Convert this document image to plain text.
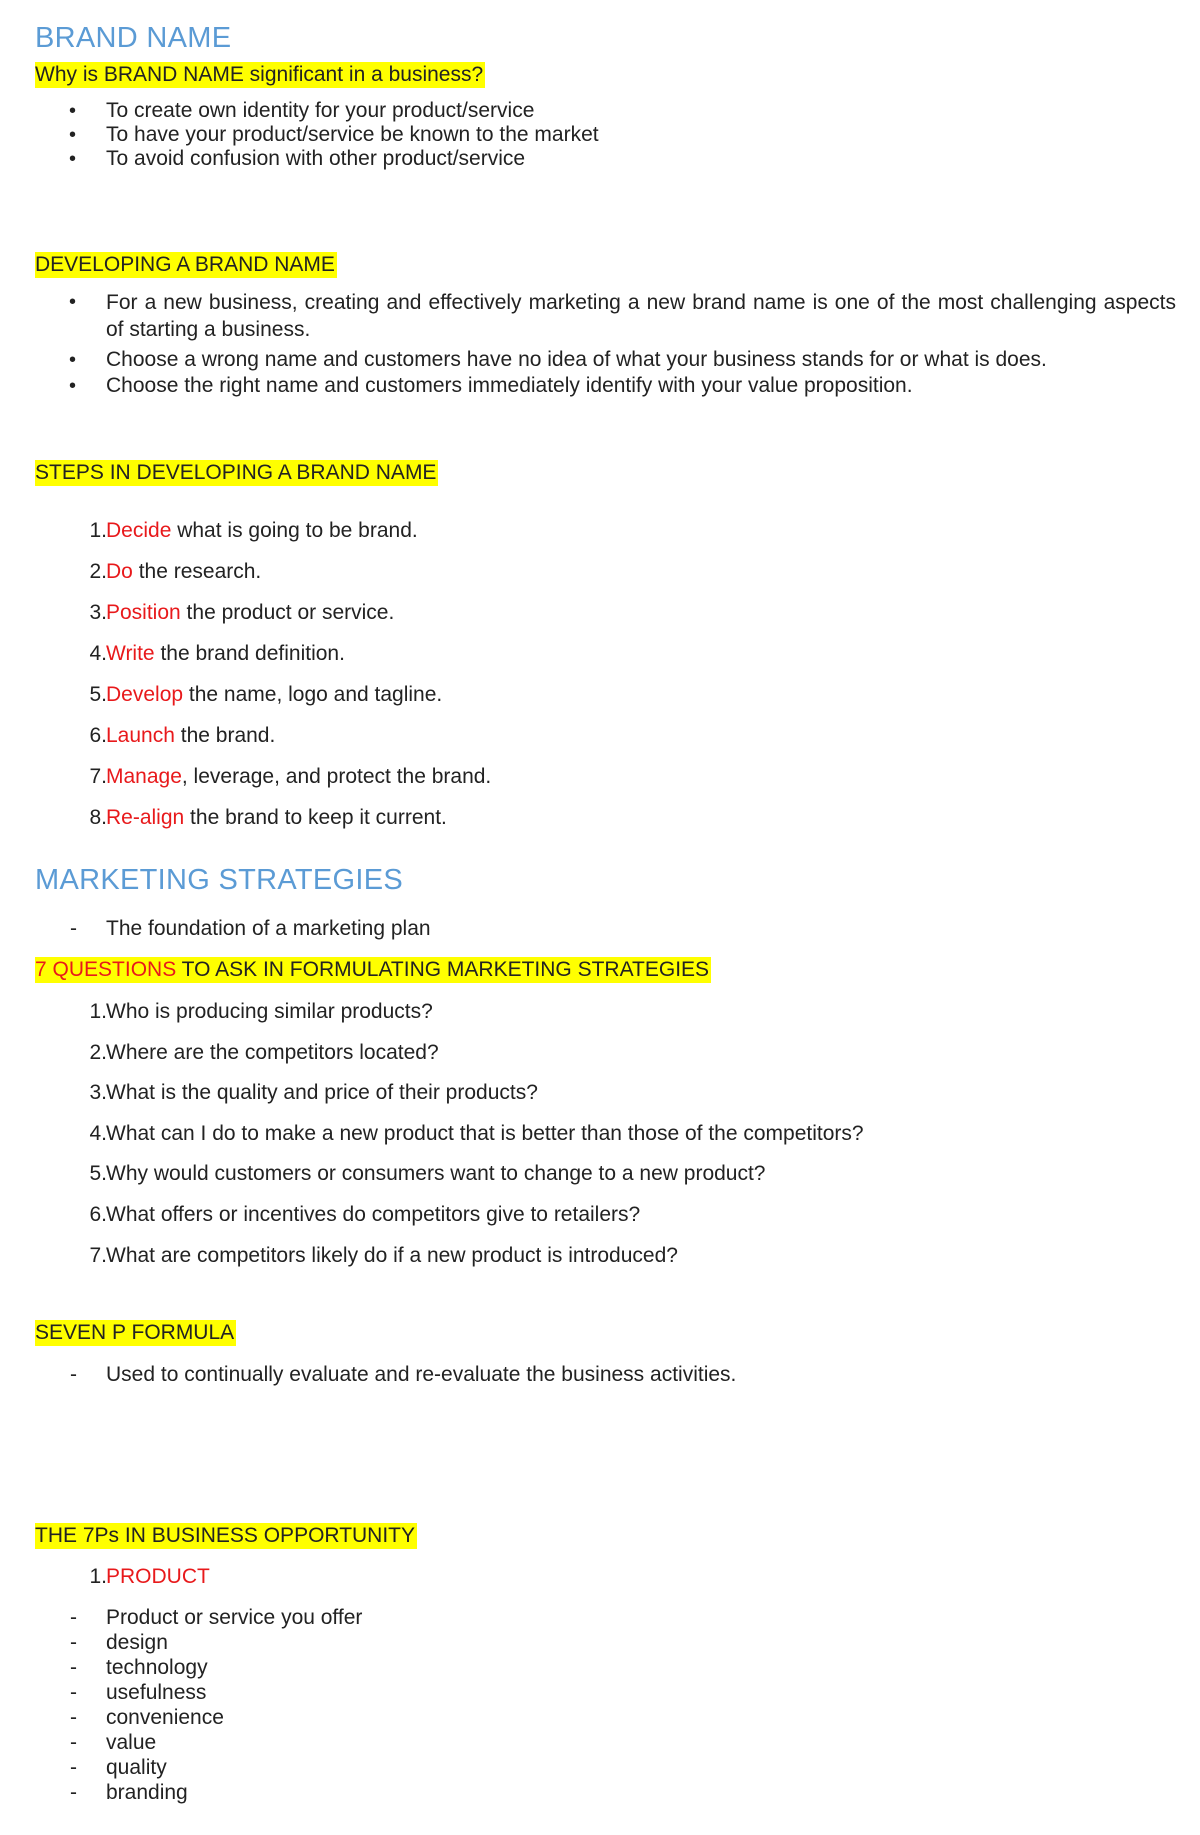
BRAND NAME
Why is BRAND NAME significant in a business?
• To create own identity for your product/service
• To have your product/service be known to the market
• To avoid confusion with other product/service
DEVELOPING A BRAND NAME
• For a new business, creating and effectively marketing a new brand name is one of the most challenging aspects of starting a business.
• Choose a wrong name and customers have no idea of what your business stands for or what is does.
• Choose the right name and customers immediately identify with your value proposition.
STEPS IN DEVELOPING A BRAND NAME
1. Decide what is going to be brand.
2. Do the research.
3. Position the product or service.
4. Write the brand definition.
5. Develop the name, logo and tagline.
6. Launch the brand.
7. Manage, leverage, and protect the brand.
8. Re-align the brand to keep it current.
MARKETING STRATEGIES
- The foundation of a marketing plan
7 QUESTIONS TO ASK IN FORMULATING MARKETING STRATEGIES
1. Who is producing similar products?
2. Where are the competitors located?
3. What is the quality and price of their products?
4. What can I do to make a new product that is better than those of the competitors?
5. Why would customers or consumers want to change to a new product?
6. What offers or incentives do competitors give to retailers?
7. What are competitors likely do if a new product is introduced?
SEVEN P FORMULA
- Used to continually evaluate and re-evaluate the business activities.
THE 7Ps IN BUSINESS OPPORTUNITY
1. PRODUCT
- Product or service you offer
- design
- technology
- usefulness
- convenience
- value
- quality
- branding
